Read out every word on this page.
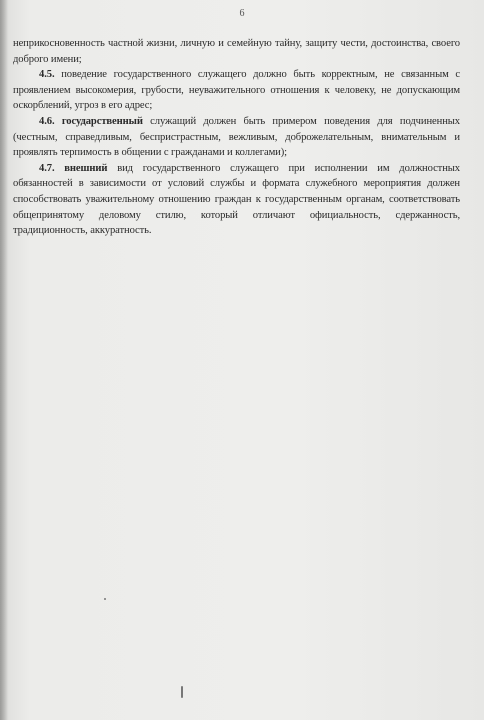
6

неприкосновенность частной жизни, личную и семейную тайну, защиту чести, достоинства, своего доброго имени;

4.5. поведение государственного служащего должно быть корректным, не связанным с проявлением высокомерия, грубости, неуважительного отношения к человеку, не допускающим оскорблений, угроз в его адрес;

4.6. государственный служащий должен быть примером поведения для подчиненных (честным, справедливым, беспристрастным, вежливым, доброжелательным, внимательным и проявлять терпимость в общении с гражданами и коллегами);

4.7. внешний вид государственного служащего при исполнении им должностных обязанностей в зависимости от условий службы и формата служебного мероприятия должен способствовать уважительному отношению граждан к государственным органам, соответствовать общепринятому деловому стилю, который отличают официальность, сдержанность, традиционность, аккуратность.
